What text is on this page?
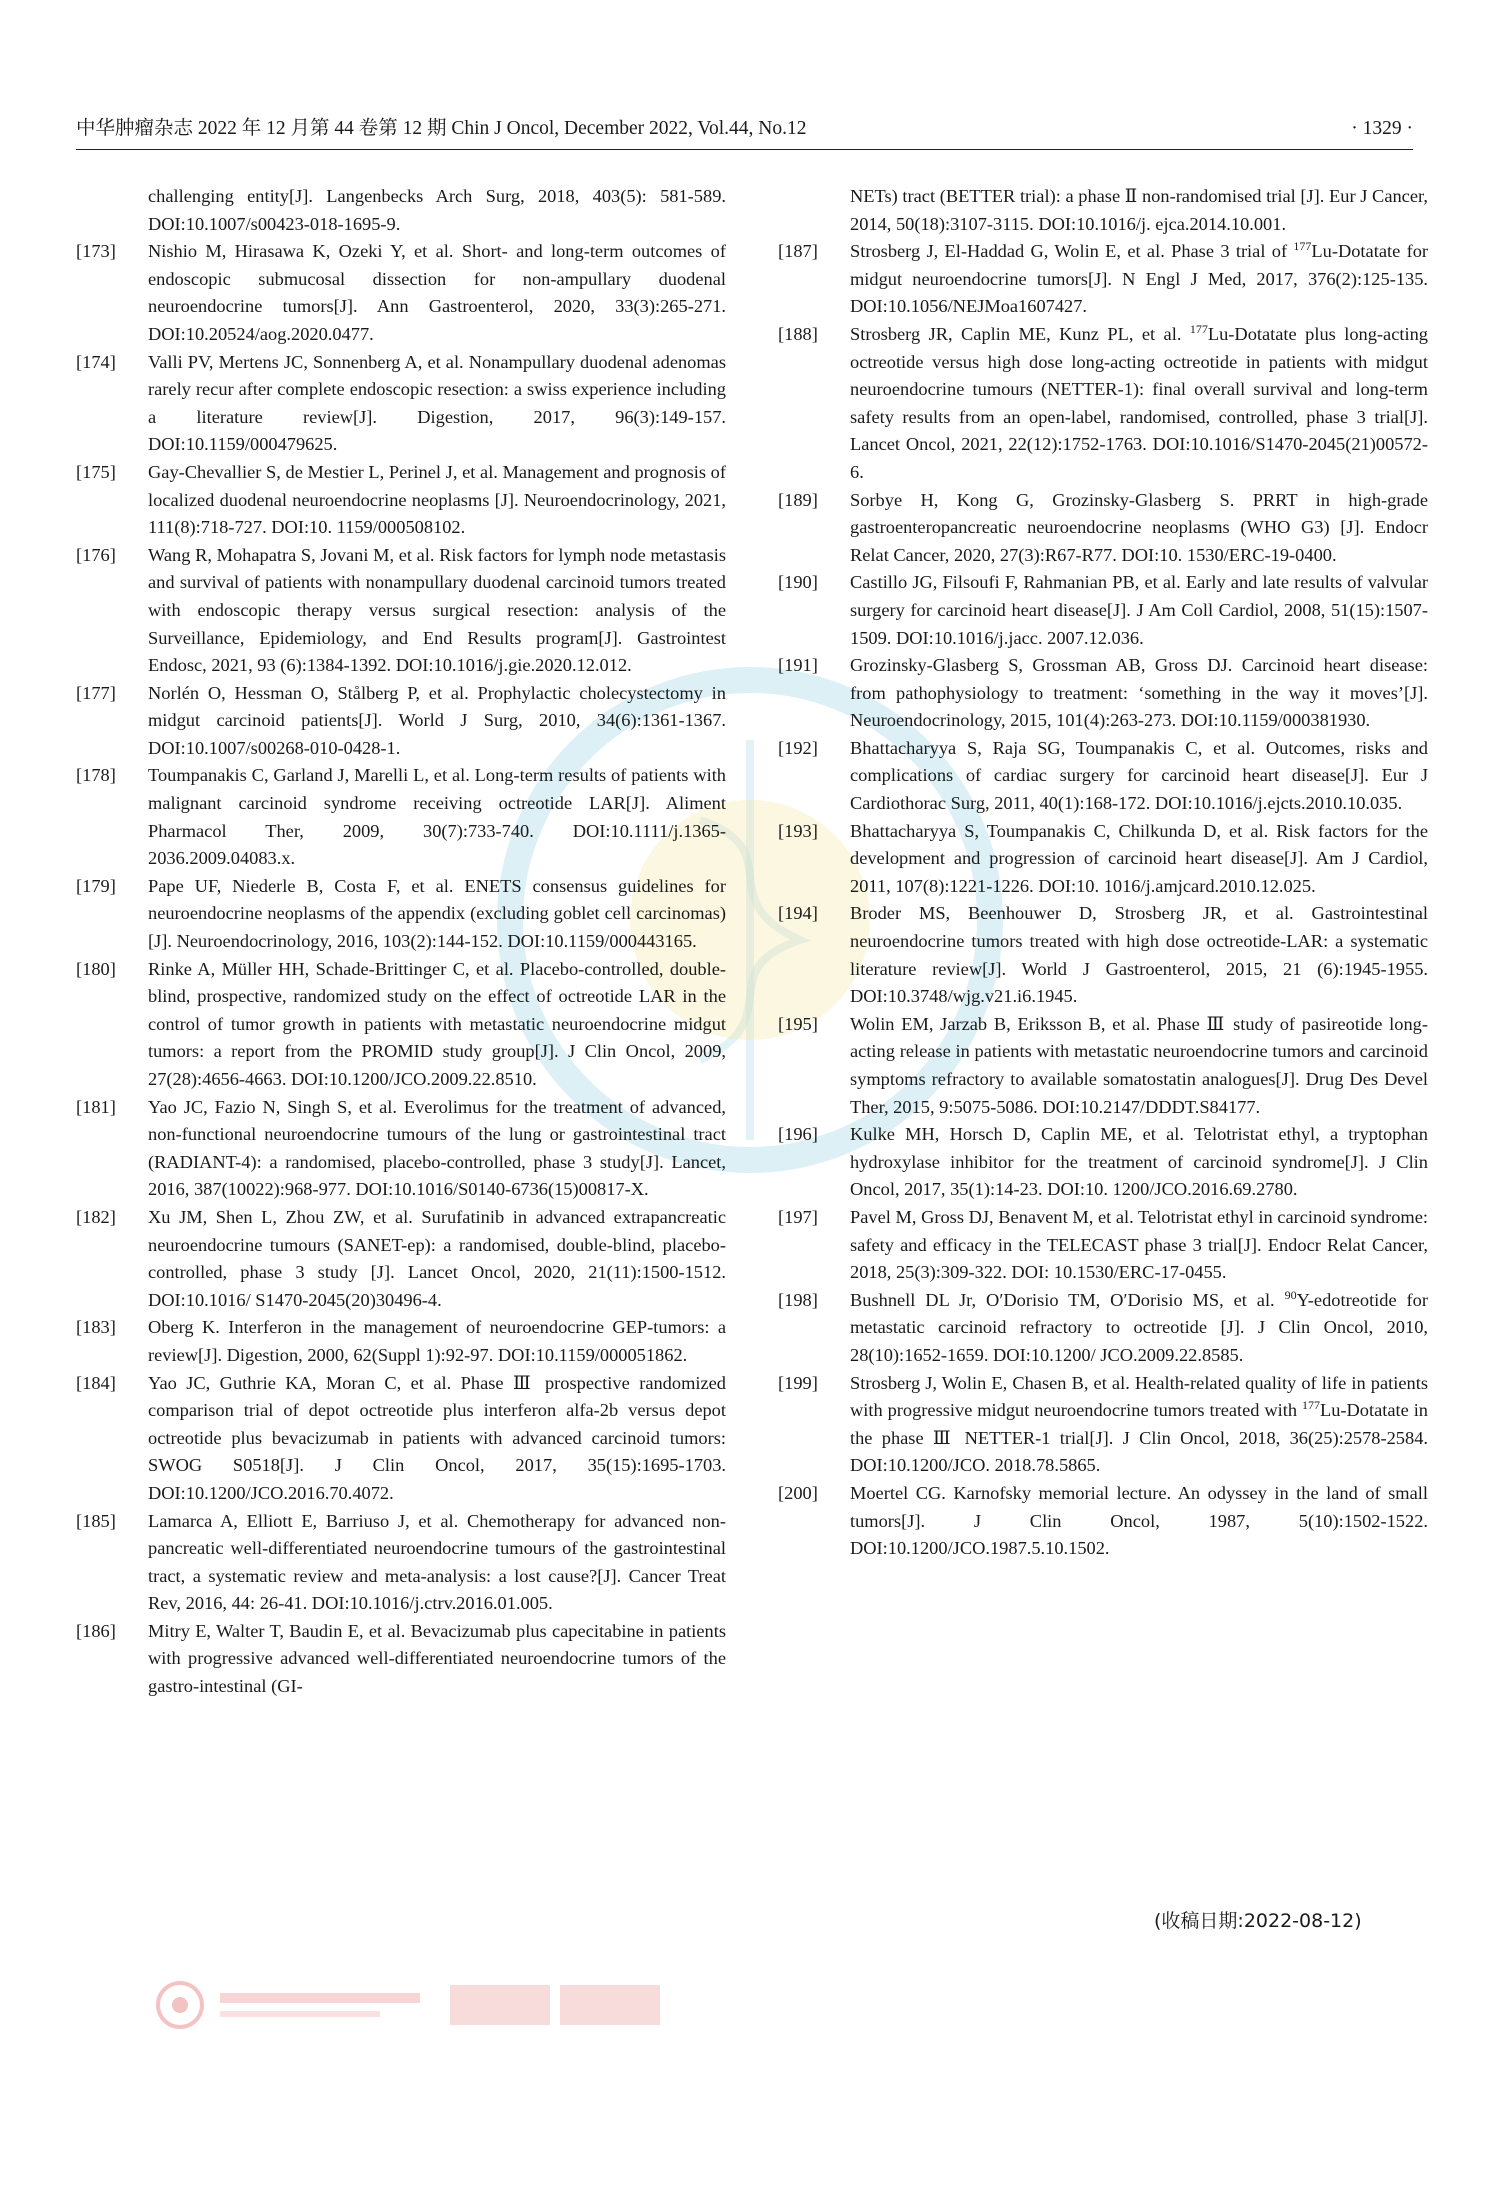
中华肿瘤杂志 2022 年 12 月第 44 卷第 12 期 Chin J Oncol, December 2022, Vol.44, No.12	· 1329 ·
challenging entity[J]. Langenbecks Arch Surg, 2018, 403(5): 581-589. DOI:10.1007/s00423-018-1695-9.
[173]	Nishio M, Hirasawa K, Ozeki Y, et al. Short- and long-term outcomes of endoscopic submucosal dissection for non-ampullary duodenal neuroendocrine tumors[J]. Ann Gastroenterol, 2020, 33(3):265-271. DOI:10.20524/aog.2020.0477.
[174]	Valli PV, Mertens JC, Sonnenberg A, et al. Nonampullary duodenal adenomas rarely recur after complete endoscopic resection: a swiss experience including a literature review[J]. Digestion, 2017, 96(3):149-157. DOI:10.1159/000479625.
[175]	Gay-Chevallier S, de Mestier L, Perinel J, et al. Management and prognosis of localized duodenal neuroendocrine neoplasms [J]. Neuroendocrinology, 2021, 111(8):718-727. DOI:10. 1159/000508102.
[176]	Wang R, Mohapatra S, Jovani M, et al. Risk factors for lymph node metastasis and survival of patients with nonampullary duodenal carcinoid tumors treated with endoscopic therapy versus surgical resection: analysis of the Surveillance, Epidemiology, and End Results program[J]. Gastrointest Endosc, 2021, 93 (6):1384-1392. DOI:10.1016/j.gie.2020.12.012.
[177]	Norlén O, Hessman O, Stålberg P, et al. Prophylactic cholecystectomy in midgut carcinoid patients[J]. World J Surg, 2010, 34(6):1361-1367. DOI:10.1007/s00268-010-0428-1.
[178]	Toumpanakis C, Garland J, Marelli L, et al. Long-term results of patients with malignant carcinoid syndrome receiving octreotide LAR[J]. Aliment Pharmacol Ther, 2009, 30(7):733-740. DOI:10.1111/j.1365-2036.2009.04083.x.
[179]	Pape UF, Niederle B, Costa F, et al. ENETS consensus guidelines for neuroendocrine neoplasms of the appendix (excluding goblet cell carcinomas)[J]. Neuroendocrinology, 2016, 103(2):144-152. DOI:10.1159/000443165.
[180]	Rinke A, Müller HH, Schade-Brittinger C, et al. Placebo-controlled, double-blind, prospective, randomized study on the effect of octreotide LAR in the control of tumor growth in patients with metastatic neuroendocrine midgut tumors: a report from the PROMID study group[J]. J Clin Oncol, 2009, 27(28):4656-4663. DOI:10.1200/JCO.2009.22.8510.
[181]	Yao JC, Fazio N, Singh S, et al. Everolimus for the treatment of advanced, non-functional neuroendocrine tumours of the lung or gastrointestinal tract (RADIANT-4): a randomised, placebo-controlled, phase 3 study[J]. Lancet, 2016, 387(10022):968-977. DOI:10.1016/S0140-6736(15)00817-X.
[182]	Xu JM, Shen L, Zhou ZW, et al. Surufatinib in advanced extrapancreatic neuroendocrine tumours (SANET-ep): a randomised, double-blind, placebo-controlled, phase 3 study [J]. Lancet Oncol, 2020, 21(11):1500-1512. DOI:10.1016/ S1470-2045(20)30496-4.
[183]	Oberg K. Interferon in the management of neuroendocrine GEP-tumors: a review[J]. Digestion, 2000, 62(Suppl 1):92-97. DOI:10.1159/000051862.
[184]	Yao JC, Guthrie KA, Moran C, et al. Phase Ⅲ prospective randomized comparison trial of depot octreotide plus interferon alfa-2b versus depot octreotide plus bevacizumab in patients with advanced carcinoid tumors: SWOG S0518[J]. J Clin Oncol, 2017, 35(15):1695-1703. DOI:10.1200/JCO.2016.70.4072.
[185]	Lamarca A, Elliott E, Barriuso J, et al. Chemotherapy for advanced non-pancreatic well-differentiated neuroendocrine tumours of the gastrointestinal tract, a systematic review and meta-analysis: a lost cause?[J]. Cancer Treat Rev, 2016, 44: 26-41. DOI:10.1016/j.ctrv.2016.01.005.
[186]	Mitry E, Walter T, Baudin E, et al. Bevacizumab plus capecitabine in patients with progressive advanced well-differentiated neuroendocrine tumors of the gastro-intestinal (GI-
NETs) tract (BETTER trial): a phase Ⅱ non-randomised trial [J]. Eur J Cancer, 2014, 50(18):3107-3115. DOI:10.1016/j. ejca.2014.10.001.
[187]	Strosberg J, El-Haddad G, Wolin E, et al. Phase 3 trial of $^{177}$Lu-Dotatate for midgut neuroendocrine tumors[J]. N Engl J Med, 2017, 376(2):125-135. DOI:10.1056/NEJMoa1607427.
[188]	Strosberg JR, Caplin ME, Kunz PL, et al. $^{177}$Lu-Dotatate plus long-acting octreotide versus high dose long-acting octreotide in patients with midgut neuroendocrine tumours (NETTER-1): final overall survival and long-term safety results from an open-label, randomised, controlled, phase 3 trial[J]. Lancet Oncol, 2021, 22(12):1752-1763. DOI:10.1016/S1470-2045(21)00572-6.
[189]	Sorbye H, Kong G, Grozinsky-Glasberg S. PRRT in high-grade gastroenteropancreatic neuroendocrine neoplasms (WHO G3) [J]. Endocr Relat Cancer, 2020, 27(3):R67-R77. DOI:10. 1530/ERC-19-0400.
[190]	Castillo JG, Filsoufi F, Rahmanian PB, et al. Early and late results of valvular surgery for carcinoid heart disease[J]. J Am Coll Cardiol, 2008, 51(15):1507-1509. DOI:10.1016/j.jacc. 2007.12.036.
[191]	Grozinsky-Glasberg S, Grossman AB, Gross DJ. Carcinoid heart disease: from pathophysiology to treatment: ‘something in the way it moves’[J]. Neuroendocrinology, 2015, 101(4):263-273. DOI:10.1159/000381930.
[192]	Bhattacharyya S, Raja SG, Toumpanakis C, et al. Outcomes, risks and complications of cardiac surgery for carcinoid heart disease[J]. Eur J Cardiothorac Surg, 2011, 40(1):168-172. DOI:10.1016/j.ejcts.2010.10.035.
[193]	Bhattacharyya S, Toumpanakis C, Chilkunda D, et al. Risk factors for the development and progression of carcinoid heart disease[J]. Am J Cardiol, 2011, 107(8):1221-1226. DOI:10. 1016/j.amjcard.2010.12.025.
[194]	Broder MS, Beenhouwer D, Strosberg JR, et al. Gastrointestinal neuroendocrine tumors treated with high dose octreotide-LAR: a systematic literature review[J]. World J Gastroenterol, 2015, 21 (6):1945-1955. DOI:10.3748/wjg.v21.i6.1945.
[195]	Wolin EM, Jarzab B, Eriksson B, et al. Phase Ⅲ study of pasireotide long-acting release in patients with metastatic neuroendocrine tumors and carcinoid symptoms refractory to available somatostatin analogues[J]. Drug Des Devel Ther, 2015, 9:5075-5086. DOI:10.2147/DDDT.S84177.
[196]	Kulke MH, Horsch D, Caplin ME, et al. Telotristat ethyl, a tryptophan hydroxylase inhibitor for the treatment of carcinoid syndrome[J]. J Clin Oncol, 2017, 35(1):14-23. DOI:10. 1200/JCO.2016.69.2780.
[197]	Pavel M, Gross DJ, Benavent M, et al. Telotristat ethyl in carcinoid syndrome: safety and efficacy in the TELECAST phase 3 trial[J]. Endocr Relat Cancer, 2018, 25(3):309-322. DOI: 10.1530/ERC-17-0455.
[198]	Bushnell DL Jr, O′Dorisio TM, O′Dorisio MS, et al. $^{90}$Y-edotreotide for metastatic carcinoid refractory to octreotide [J]. J Clin Oncol, 2010, 28(10):1652-1659. DOI:10.1200/ JCO.2009.22.8585.
[199]	Strosberg J, Wolin E, Chasen B, et al. Health-related quality of life in patients with progressive midgut neuroendocrine tumors treated with $^{177}$Lu-Dotatate in the phase Ⅲ NETTER-1 trial[J]. J Clin Oncol, 2018, 36(25):2578-2584. DOI:10.1200/JCO. 2018.78.5865.
[200]	Moertel CG. Karnofsky memorial lecture. An odyssey in the land of small tumors[J]. J Clin Oncol, 1987, 5(10):1502-1522. DOI:10.1200/JCO.1987.5.10.1502.
(收稿日期:2022-08-12)
